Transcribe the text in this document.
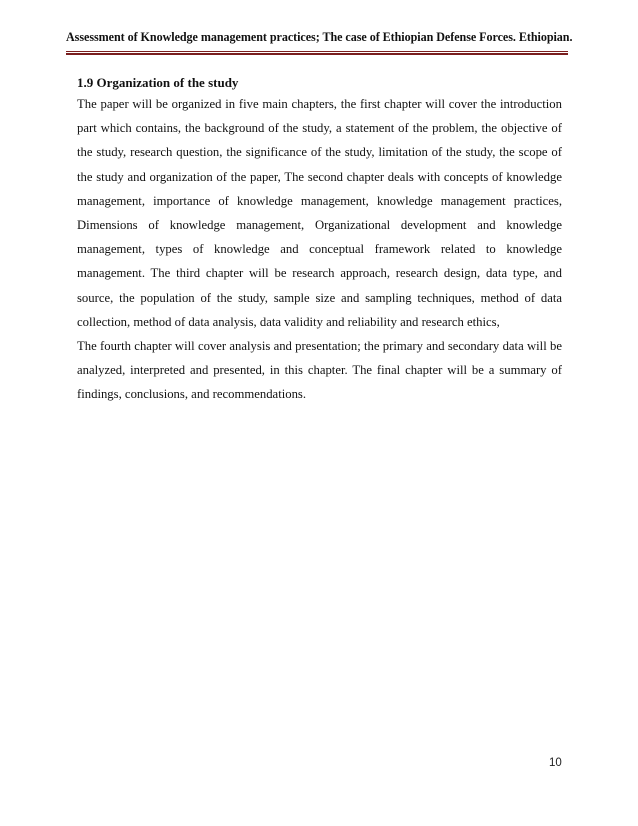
Assessment of Knowledge management practices; The case of Ethiopian Defense Forces. Ethiopian.
1.9 Organization of the study

The paper will be organized in five main chapters, the first chapter will cover the introduction part which contains, the background of the study, a statement of the problem, the objective of the study, research question, the significance of the study, limitation of the study, the scope of the study and organization of the paper, The second chapter deals with concepts of knowledge management, importance of knowledge management, knowledge management practices, Dimensions of knowledge management, Organizational development and knowledge management, types of knowledge and conceptual framework related to knowledge management. The third chapter will be research approach, research design, data type, and source, the population of the study, sample size and sampling techniques, method of data collection, method of data analysis, data validity and reliability and research ethics,

The fourth chapter will cover analysis and presentation; the primary and secondary data will be analyzed, interpreted and presented, in this chapter. The final chapter will be a summary of findings, conclusions, and recommendations.

10
